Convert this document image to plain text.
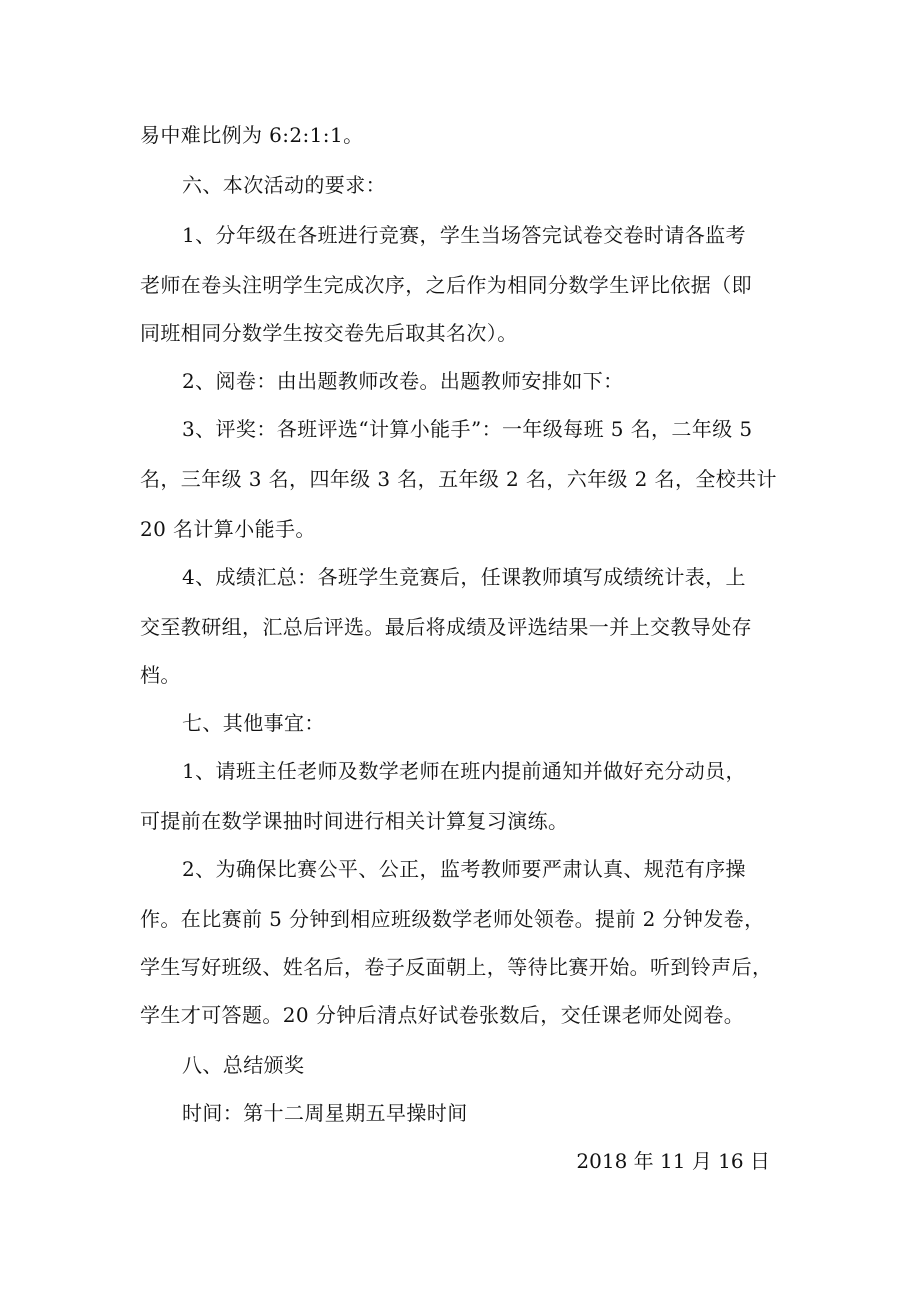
易中难比例为 6:2:1:1。
六、本次活动的要求：
1、分年级在各班进行竞赛，学生当场答完试卷交卷时请各监考
老师在卷头注明学生完成次序，之后作为相同分数学生评比依据（即
同班相同分数学生按交卷先后取其名次）。
2、阅卷：由出题教师改卷。出题教师安排如下：
3、评奖：各班评选“计算小能手”：一年级每班 5 名，二年级 5
名，三年级 3 名，四年级 3 名，五年级 2 名，六年级 2 名，全校共计
20 名计算小能手。
4、成绩汇总：各班学生竞赛后，任课教师填写成绩统计表，上
交至教研组，汇总后评选。最后将成绩及评选结果一并上交教导处存
档。
七、其他事宜：
1、请班主任老师及数学老师在班内提前通知并做好充分动员，
可提前在数学课抽时间进行相关计算复习演练。
2、为确保比赛公平、公正，监考教师要严肃认真、规范有序操
作。在比赛前 5 分钟到相应班级数学老师处领卷。提前 2 分钟发卷，
学生写好班级、姓名后，卷子反面朝上，等待比赛开始。听到铃声后，
学生才可答题。20 分钟后清点好试卷张数后，交任课老师处阅卷。
八、总结颁奖
时间：第十二周星期五早操时间
2018 年 11 月 16 日
